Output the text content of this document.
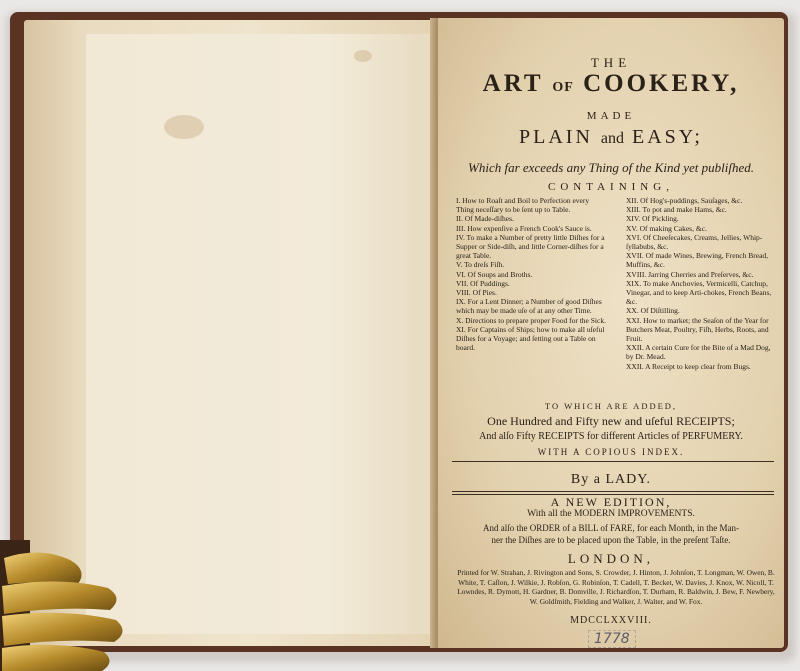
THE
ART OF COOKERY,
MADE
PLAIN and EASY;
Which far exceeds any Thing of the Kind yet publiſhed.
CONTAINING,

I. How to Roaſt and Boil to Perfection every Thing neceſſary to be ſent up to Table.

II. Of Made-diſhes.

III. How expenſive a French Cook's Sauce is.

IV. To make a Number of pretty little Diſhes for a Supper or Side-diſh, and little Corner-diſhes for a great Table.

V. To dreſs Fiſh.

VI. Of Soups and Broths.

VII. Of Puddings.

VIII. Of Pies.

IX. For a Lent Dinner; a Number of good Diſhes which may be made uſe of at any other Time.

X. Directions to prepare proper Food for the Sick.

XI. For Captains of Ships; how to make all uſeful Diſhes for a Voyage; and ſetting out a Table on board.

XII. Of Hog's-puddings, Sauſages, &c.

XIII. To pot and make Hams, &c.

XIV. Of Pickling.

XV. Of making Cakes, &c.

XVI. Of Cheeſecakes, Creams, Jellies, Whip-ſyllabubs, &c.

XVII. Of made Wines, Brewing, French Bread, Muffins, &c.

XVIII. Jarring Cherries and Preſerves, &c.

XIX. To make Anchovies, Vermicelli, Catchup, Vinegar, and to keep Arti-chokes, French Beans, &c.

XX. Of Diſtilling.

XXI. How to market; the Seaſon of the Year for Butchers Meat, Poultry, Fiſh, Herbs, Roots, and Fruit.

XXII. A certain Cure for the Bite of a Mad Dog, by Dr. Mead.

XXII. A Receipt to keep clear from Bugs.

TO WHICH ARE ADDED,
One Hundred and Fifty new and uſeful RECEIPTS;
And alſo Fifty RECEIPTS for different Articles of PERFUMERY.
WITH A COPIOUS INDEX.
By a LADY.
A NEW EDITION,
With all the MODERN IMPROVEMENTS.
And alſo the ORDER of a BILL of FARE, for each Month, in the Man-
ner the Diſhes are to be placed upon the Table, in the preſent Taſte.
LONDON,
Printed for W. Strahan, J. Rivington and Sons, S. Crowder, J. Hinton, J. Johnſon, T. Longman, W. Owen, B. White, T. Caſlon, J. Wilkie, J. Robſon, G. Robinſon, T. Cadell, T. Becket, W. Davies, J. Knox, W. Nicoll, T. Lowndes, R. Dymott, H. Gardner, B. Domville, J. Richardſon, T. Durham, R. Baldwin, J. Bew, F. Newbery, W. Goldſmith, Fielding and Walker, J. Walter, and W. Fox.
MDCCLXXVIII.
1778
